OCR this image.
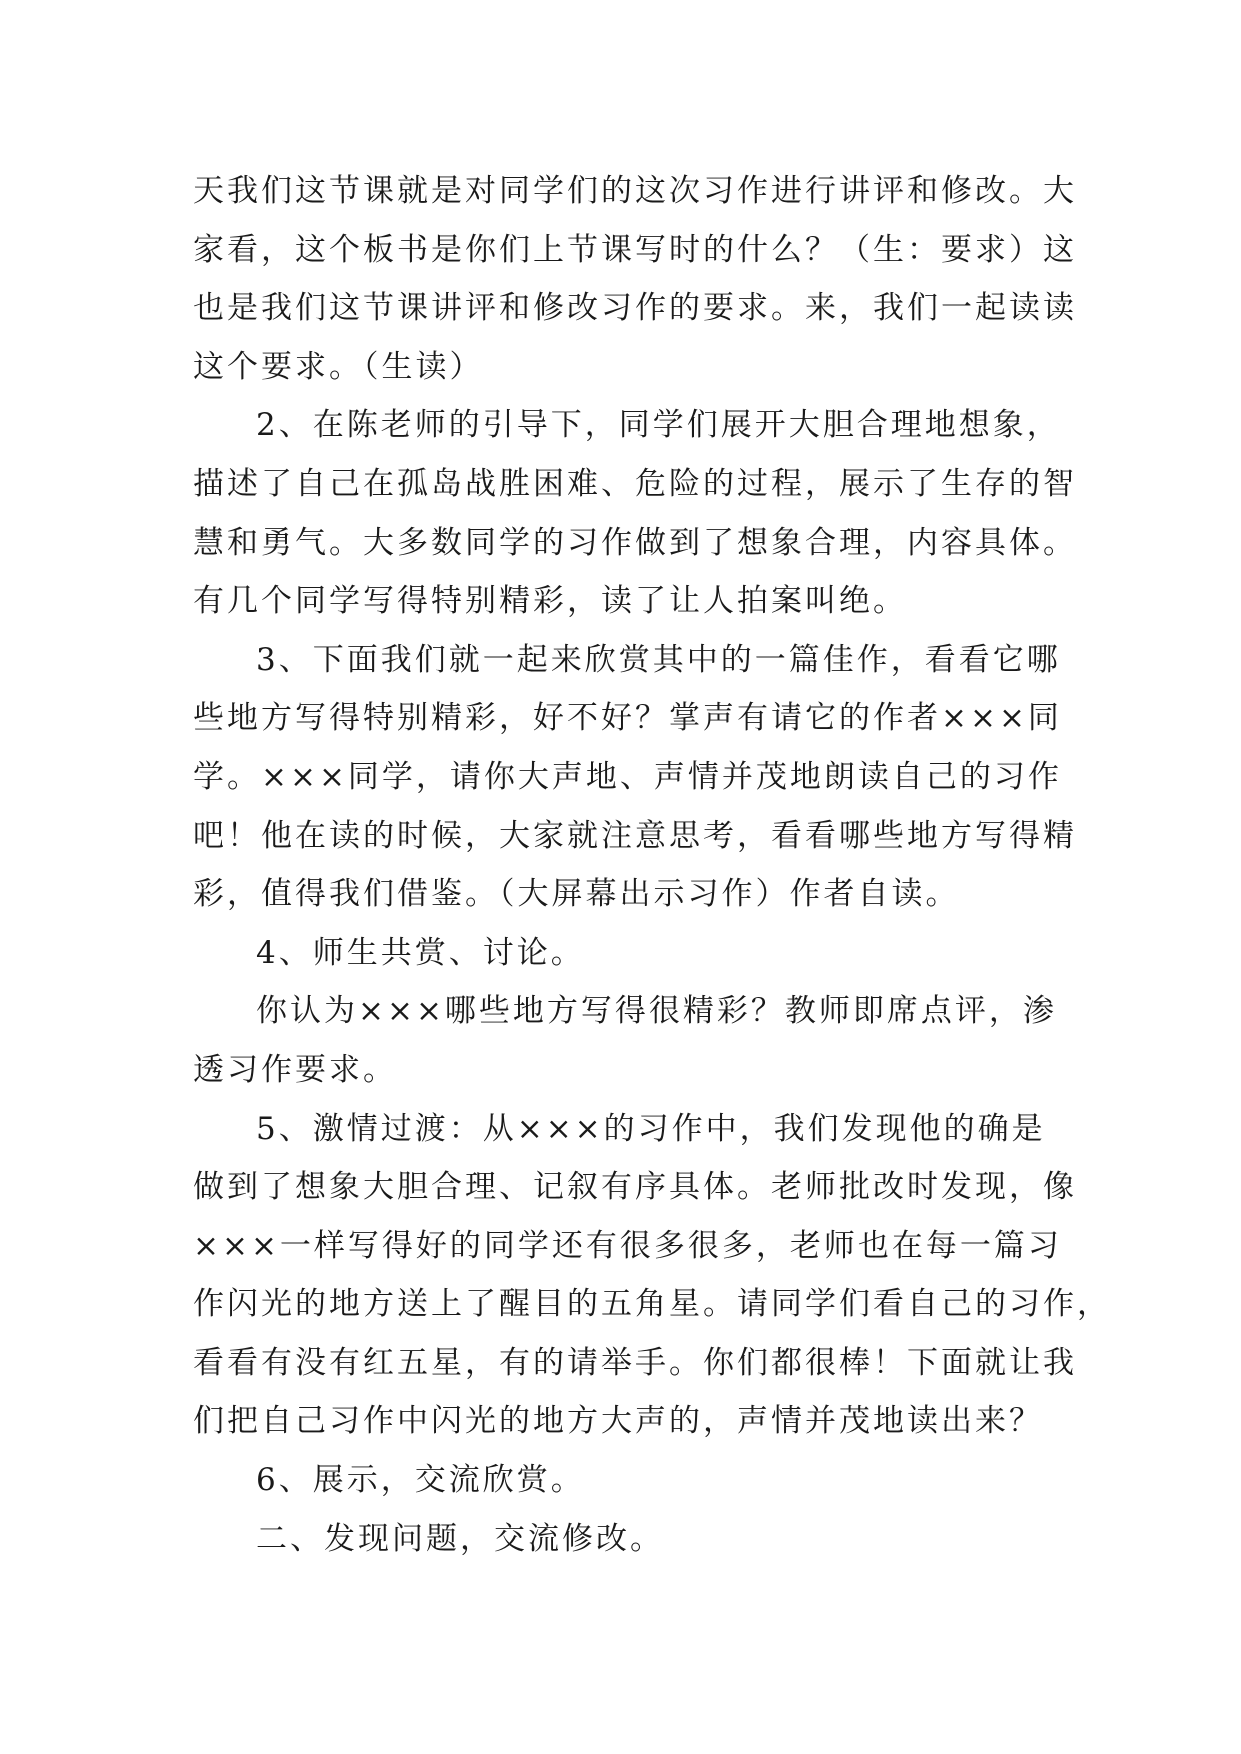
天我们这节课就是对同学们的这次习作进行讲评和修改。大
家看，这个板书是你们上节课写时的什么？（生：要求）这
也是我们这节课讲评和修改习作的要求。来，我们一起读读
这个要求。（生读）
2、在陈老师的引导下，同学们展开大胆合理地想象，
描述了自己在孤岛战胜困难、危险的过程，展示了生存的智
慧和勇气。大多数同学的习作做到了想象合理，内容具体。
有几个同学写得特别精彩，读了让人拍案叫绝。
3、下面我们就一起来欣赏其中的一篇佳作，看看它哪
些地方写得特别精彩，好不好？掌声有请它的作者×××同
学。×××同学，请你大声地、声情并茂地朗读自己的习作
吧！他在读的时候，大家就注意思考，看看哪些地方写得精
彩，值得我们借鉴。（大屏幕出示习作）作者自读。
4、师生共赏、讨论。
你认为×××哪些地方写得很精彩？教师即席点评，渗
透习作要求。
5、激情过渡：从×××的习作中，我们发现他的确是
做到了想象大胆合理、记叙有序具体。老师批改时发现，像
×××一样写得好的同学还有很多很多，老师也在每一篇习
作闪光的地方送上了醒目的五角星。请同学们看自己的习作，
看看有没有红五星，有的请举手。你们都很棒！下面就让我
们把自己习作中闪光的地方大声的，声情并茂地读出来？
6、展示，交流欣赏。
二、发现问题，交流修改。
